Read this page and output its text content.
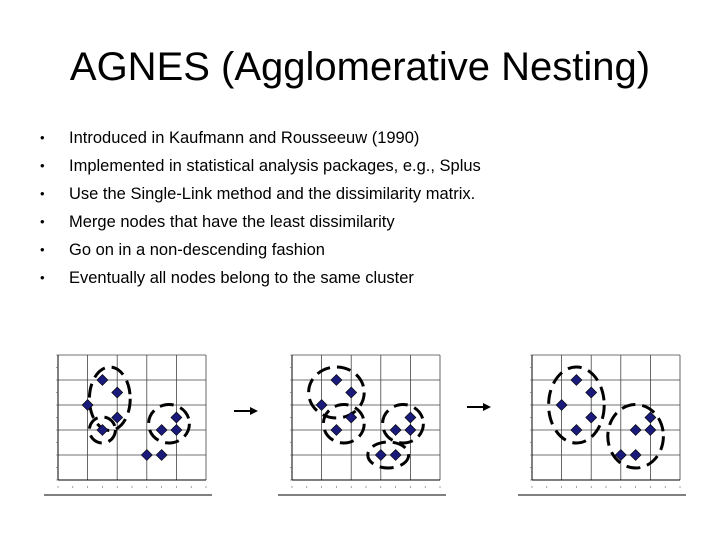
AGNES (Agglomerative Nesting)
• Introduced in Kaufmann and Rousseeuw (1990)
• Implemented in statistical analysis packages, e.g., Splus
• Use the Single-Link method and the dissimilarity matrix.
• Merge nodes that have the least dissimilarity
• Go on in a non-descending fashion
• Eventually all nodes belong to the same cluster
